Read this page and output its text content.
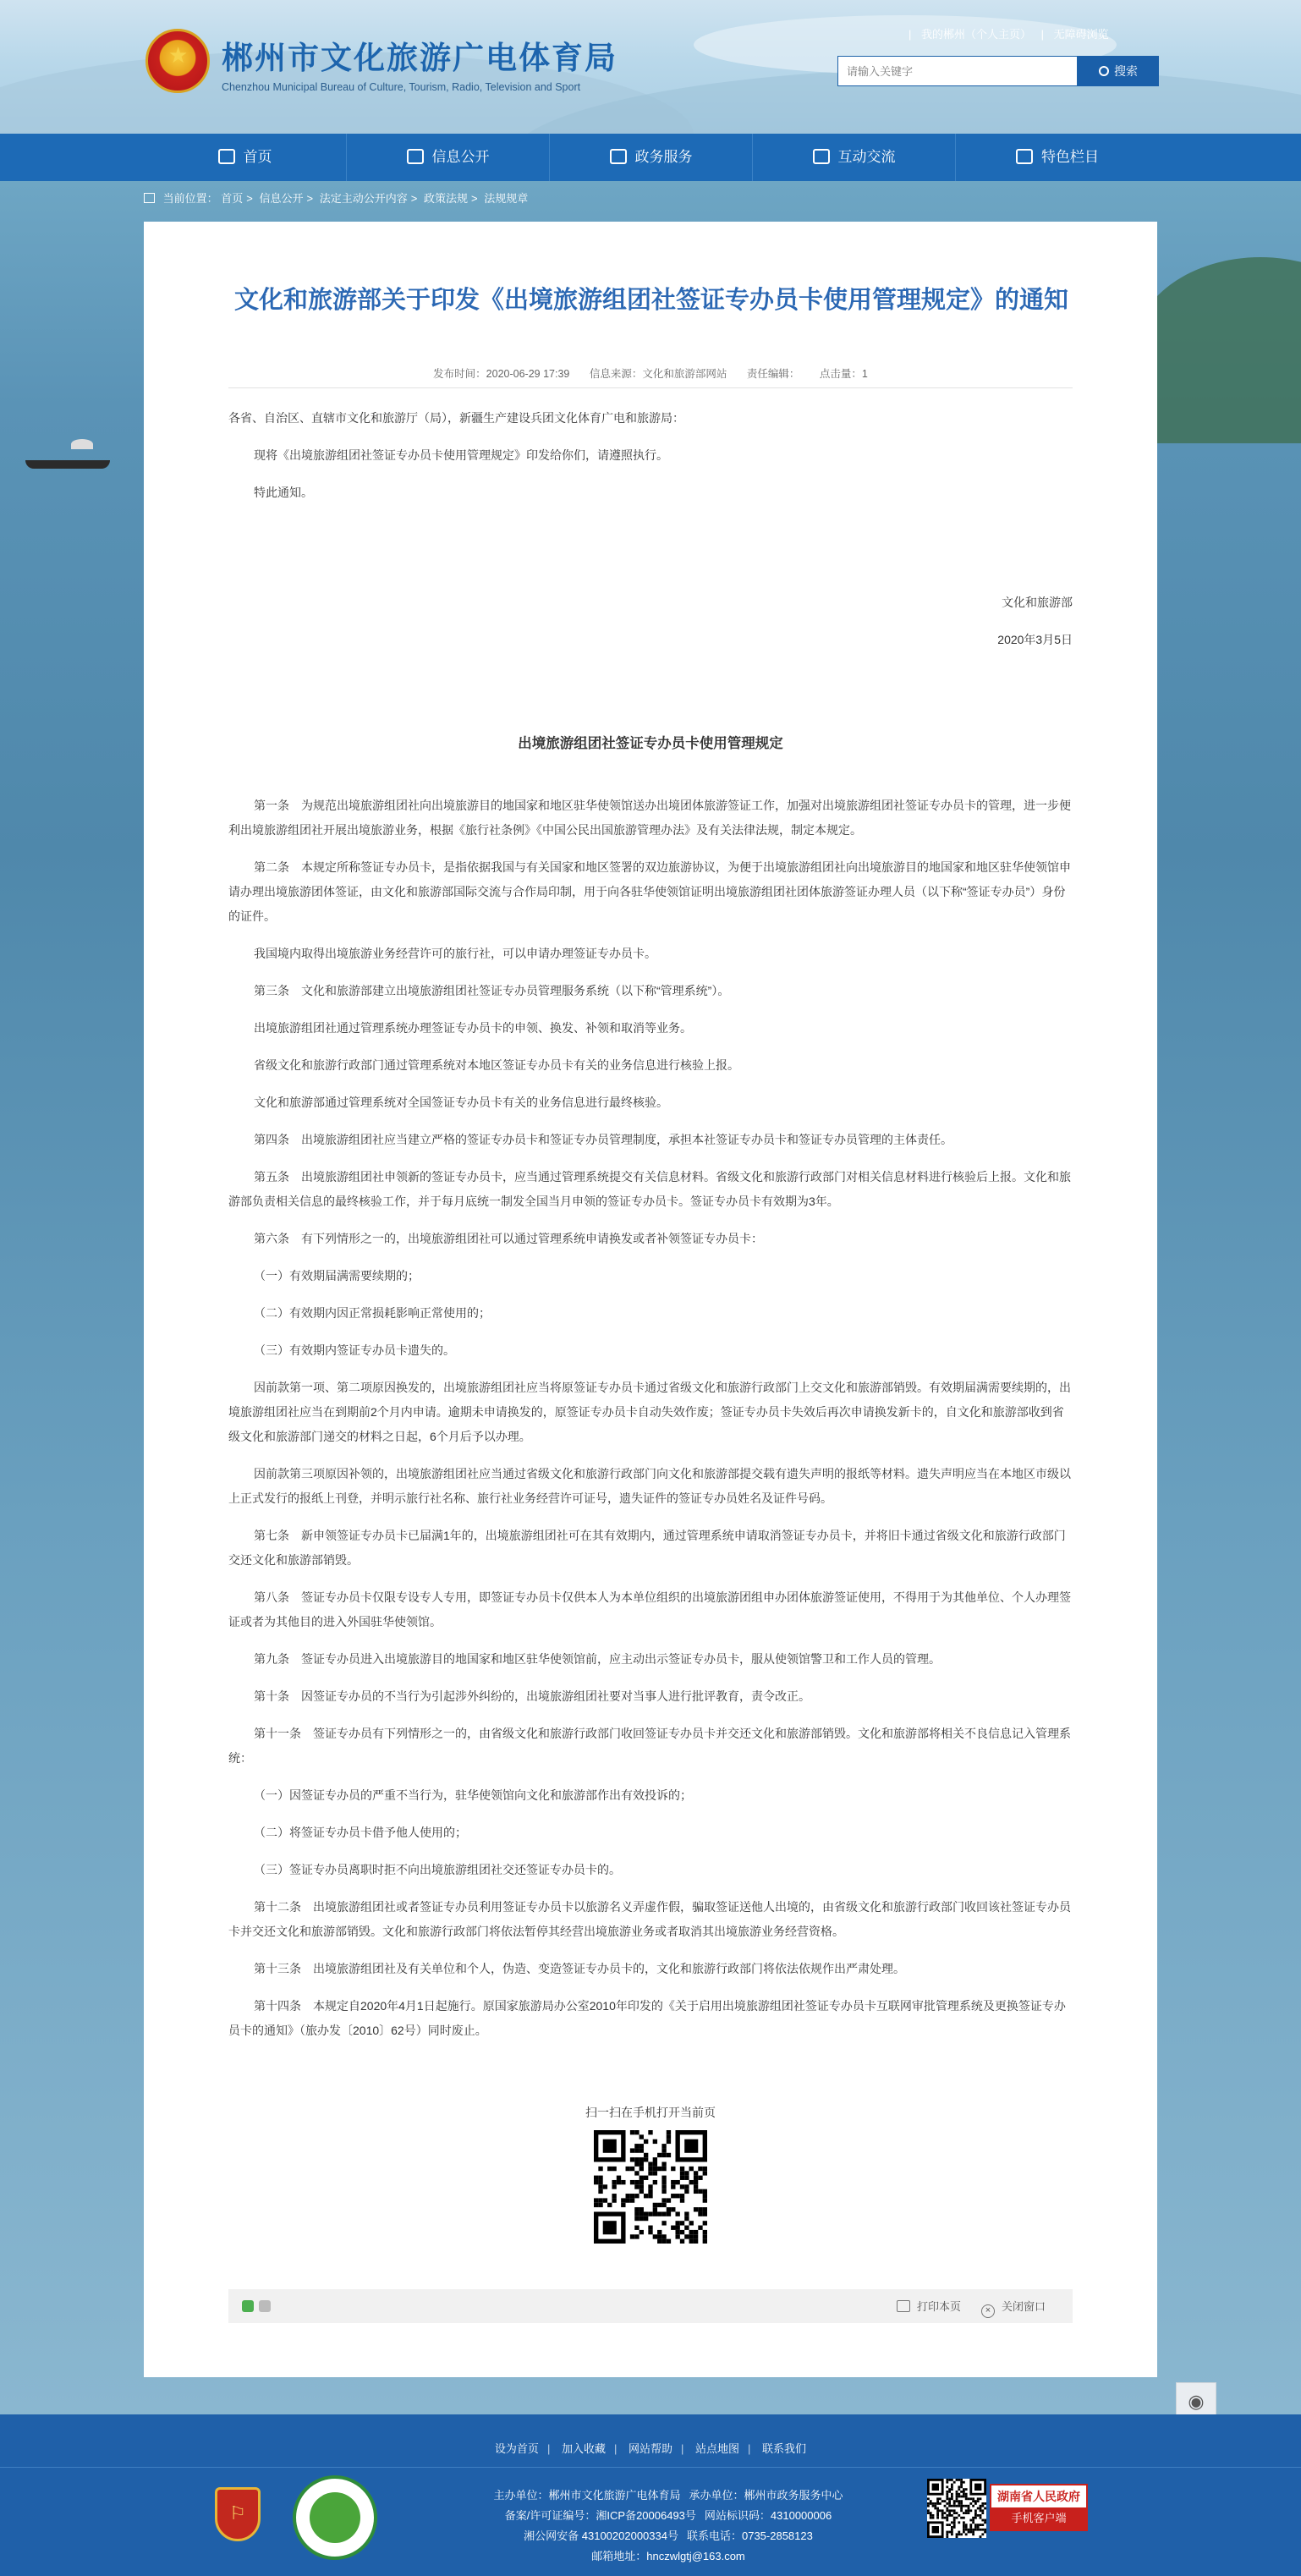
★ 郴州市文化旅游广电体育局
Chenzhou Municipal Bureau of Culture, Tourism, Radio, Television and Sport
| 我的郴州（个人主页） | 无障碍浏览
请输入关键字
搜索
首页	信息公开	政务服务	互动交流	特色栏目
当前位置： 首页 > 信息公开 > 法定主动公开内容 > 政策法规 > 法规规章
文化和旅游部关于印发《出境旅游组团社签证专办员卡使用管理规定》的通知
发布时间：2020-06-29 17:39 信息来源：文化和旅游部网站 责任编辑： 点击量：1

各省、自治区、直辖市文化和旅游厅（局），新疆生产建设兵团文化体育广电和旅游局：

现将《出境旅游组团社签证专办员卡使用管理规定》印发给你们，请遵照执行。

特此通知。

文化和旅游部

2020年3月5日

出境旅游组团社签证专办员卡使用管理规定

第一条　为规范出境旅游组团社向出境旅游目的地国家和地区驻华使领馆送办出境团体旅游签证工作，加强对出境旅游组团社签证专办员卡的管理，进一步便利出境旅游组团社开展出境旅游业务，根据《旅行社条例》《中国公民出国旅游管理办法》及有关法律法规，制定本规定。

第二条　本规定所称签证专办员卡，是指依据我国与有关国家和地区签署的双边旅游协议，为便于出境旅游组团社向出境旅游目的地国家和地区驻华使领馆申请办理出境旅游团体签证，由文化和旅游部国际交流与合作局印制，用于向各驻华使领馆证明出境旅游组团社团体旅游签证办理人员（以下称“签证专办员”）身份的证件。

我国境内取得出境旅游业务经营许可的旅行社，可以申请办理签证专办员卡。

第三条　文化和旅游部建立出境旅游组团社签证专办员管理服务系统（以下称“管理系统”）。

出境旅游组团社通过管理系统办理签证专办员卡的申领、换发、补领和取消等业务。

省级文化和旅游行政部门通过管理系统对本地区签证专办员卡有关的业务信息进行核验上报。

文化和旅游部通过管理系统对全国签证专办员卡有关的业务信息进行最终核验。

第四条　出境旅游组团社应当建立严格的签证专办员卡和签证专办员管理制度，承担本社签证专办员卡和签证专办员管理的主体责任。

第五条　出境旅游组团社申领新的签证专办员卡，应当通过管理系统提交有关信息材料。省级文化和旅游行政部门对相关信息材料进行核验后上报。文化和旅游部负责相关信息的最终核验工作，并于每月底统一制发全国当月申领的签证专办员卡。签证专办员卡有效期为3年。

第六条　有下列情形之一的，出境旅游组团社可以通过管理系统申请换发或者补领签证专办员卡：

（一）有效期届满需要续期的；

（二）有效期内因正常损耗影响正常使用的；

（三）有效期内签证专办员卡遗失的。

因前款第一项、第二项原因换发的，出境旅游组团社应当将原签证专办员卡通过省级文化和旅游行政部门上交文化和旅游部销毁。有效期届满需要续期的，出境旅游组团社应当在到期前2个月内申请。逾期未申请换发的，原签证专办员卡自动失效作废；签证专办员卡失效后再次申请换发新卡的，自文化和旅游部收到省级文化和旅游部门递交的材料之日起，6个月后予以办理。

因前款第三项原因补领的，出境旅游组团社应当通过省级文化和旅游行政部门向文化和旅游部提交载有遗失声明的报纸等材料。遗失声明应当在本地区市级以上正式发行的报纸上刊登，并明示旅行社名称、旅行社业务经营许可证号，遗失证件的签证专办员姓名及证件号码。

第七条　新申领签证专办员卡已届满1年的，出境旅游组团社可在其有效期内，通过管理系统申请取消签证专办员卡，并将旧卡通过省级文化和旅游行政部门交还文化和旅游部销毁。

第八条　签证专办员卡仅限专设专人专用，即签证专办员卡仅供本人为本单位组织的出境旅游团组申办团体旅游签证使用，不得用于为其他单位、个人办理签证或者为其他目的进入外国驻华使领馆。

第九条　签证专办员进入出境旅游目的地国家和地区驻华使领馆前，应主动出示签证专办员卡，服从使领馆警卫和工作人员的管理。

第十条　因签证专办员的不当行为引起涉外纠纷的，出境旅游组团社要对当事人进行批评教育，责令改正。

第十一条　签证专办员有下列情形之一的，由省级文化和旅游行政部门收回签证专办员卡并交还文化和旅游部销毁。文化和旅游部将相关不良信息记入管理系统：

（一）因签证专办员的严重不当行为，驻华使领馆向文化和旅游部作出有效投诉的；

（二）将签证专办员卡借予他人使用的；

（三）签证专办员离职时拒不向出境旅游组团社交还签证专办员卡的。

第十二条　出境旅游组团社或者签证专办员利用签证专办员卡以旅游名义弄虚作假，骗取签证送他人出境的，由省级文化和旅游行政部门收回该社签证专办员卡并交还文化和旅游部销毁。文化和旅游行政部门将依法暂停其经营出境旅游业务或者取消其出境旅游业务经营资格。

第十三条　出境旅游组团社及有关单位和个人，伪造、变造签证专办员卡的，文化和旅游行政部门将依法依规作出严肃处理。

第十四条　本规定自2020年4月1日起施行。原国家旅游局办公室2010年印发的《关于启用出境旅游组团社签证专办员卡互联网审批管理系统及更换签证专办员卡的通知》（旅办发〔2010〕62号）同时废止。

扫一扫在手机打开当前页
打印本页	× 关闭窗口
◉
设为首页 | 加入收藏 | 网站帮助 | 站点地图 | 联系我们
⚐
主办单位：郴州市文化旅游广电体育局 承办单位：郴州市政务服务中心
备案/许可证编号：湘ICP备20006493号 网站标识码：4310000006
湘公网安备 43100202000334号 联系电话：0735-2858123
邮箱地址：hnczwlgtj@163.com
湖南省人民政府
手机客户端
